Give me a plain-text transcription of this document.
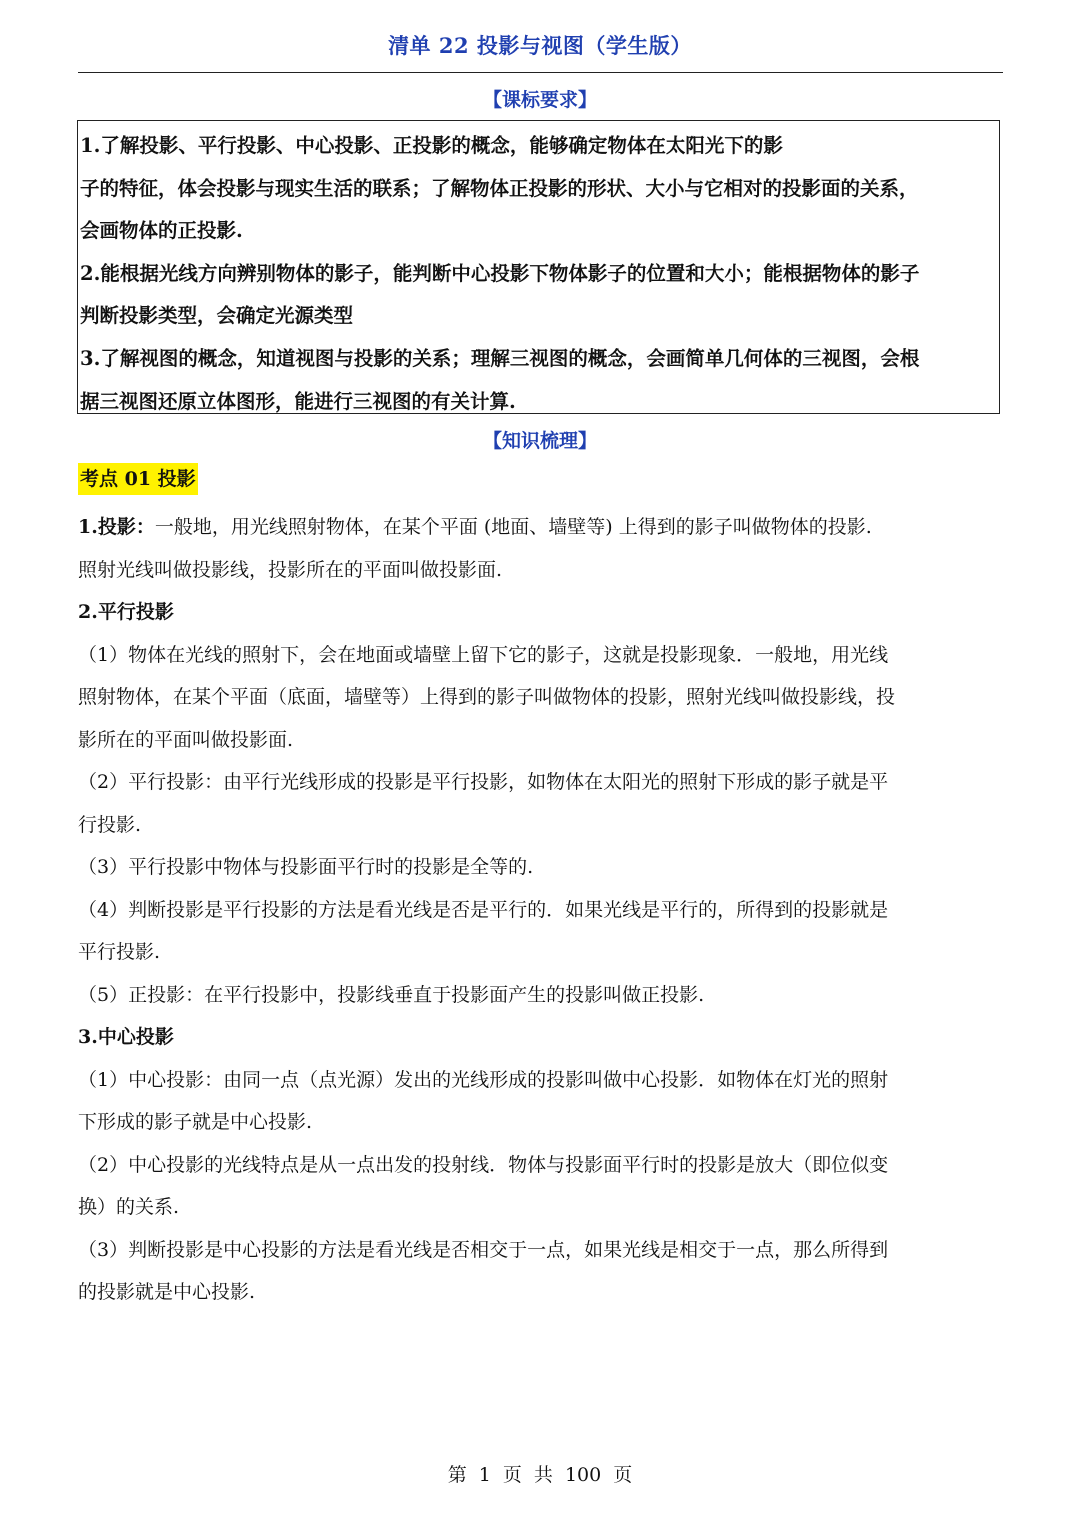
清单 22 投影与视图（学生版）
【课标要求】

1.了解投影、平行投影、中心投影、正投影的概念，能够确定物体在太阳光下的影

子的特征，体会投影与现实生活的联系；了解物体正投影的形状、大小与它相对的投影面的关系，

会画物体的正投影.

2.能根据光线方向辨别物体的影子，能判断中心投影下物体影子的位置和大小；能根据物体的影子

判断投影类型，会确定光源类型

3.了解视图的概念，知道视图与投影的关系；理解三视图的概念，会画简单几何体的三视图，会根

据三视图还原立体图形，能进行三视图的有关计算.

【知识梳理】
考点 01 投影

1.投影：一般地，用光线照射物体，在某个平面 (地面、墙壁等) 上得到的影子叫做物体的投影.

照射光线叫做投影线，投影所在的平面叫做投影面.

2.平行投影

（1）物体在光线的照射下，会在地面或墙壁上留下它的影子，这就是投影现象．一般地，用光线

照射物体，在某个平面（底面，墙壁等）上得到的影子叫做物体的投影，照射光线叫做投影线，投

影所在的平面叫做投影面.

（2）平行投影：由平行光线形成的投影是平行投影，如物体在太阳光的照射下形成的影子就是平

行投影.

（3）平行投影中物体与投影面平行时的投影是全等的.

（4）判断投影是平行投影的方法是看光线是否是平行的．如果光线是平行的，所得到的投影就是

平行投影.

（5）正投影：在平行投影中，投影线垂直于投影面产生的投影叫做正投影.

3.中心投影

（1）中心投影：由同一点（点光源）发出的光线形成的投影叫做中心投影．如物体在灯光的照射

下形成的影子就是中心投影.

（2）中心投影的光线特点是从一点出发的投射线．物体与投影面平行时的投影是放大（即位似变

换）的关系.

（3）判断投影是中心投影的方法是看光线是否相交于一点，如果光线是相交于一点，那么所得到

的投影就是中心投影.

第 1 页 共 100 页
